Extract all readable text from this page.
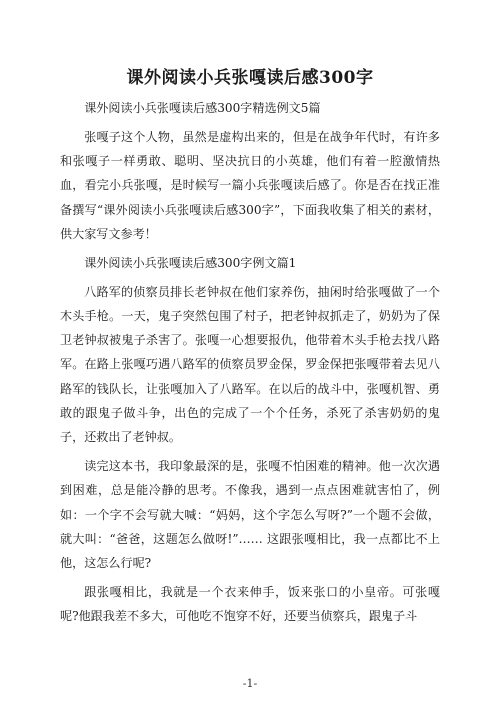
课外阅读小兵张嘎读后感300字

课外阅读小兵张嘎读后感300字精选例文5篇

张嘎子这个人物，虽然是虚构出来的，但是在战争年代时，有许多和张嘎子一样勇敢、聪明、坚决抗日的小英雄，他们有着一腔激情热血，看完小兵张嘎，是时候写一篇小兵张嘎读后感了。你是否在找正准备撰写“课外阅读小兵张嘎读后感300字”，下面我收集了相关的素材，供大家写文参考！

课外阅读小兵张嘎读后感300字例文篇1

八路军的侦察员排长老钟叔在他们家养伤，抽闲时给张嘎做了一个木头手枪。一天，鬼子突然包围了村子，把老钟叔抓走了，奶奶为了保卫老钟叔被鬼子杀害了。张嘎一心想要报仇，他带着木头手枪去找八路军。在路上张嘎巧遇八路军的侦察员罗金保，罗金保把张嘎带着去见八路军的钱队长，让张嘎加入了八路军。在以后的战斗中，张嘎机智、勇敢的跟鬼子做斗争，出色的完成了一个个任务，杀死了杀害奶奶的鬼子，还救出了老钟叔。

读完这本书，我印象最深的是，张嘎不怕困难的精神。他一次次遇到困难，总是能冷静的思考。不像我，遇到一点点困难就害怕了，例如：一个字不会写就大喊：“妈妈，这个字怎么写呀?”一个题不会做，就大叫：“爸爸，这题怎么做呀!”…… 这跟张嘎相比，我一点都比不上他，这怎么行呢?

跟张嘎相比，我就是一个衣来伸手，饭来张口的小皇帝。可张嘎呢?他跟我差不多大，可他吃不饱穿不好，还要当侦察兵，跟鬼子斗

-1-
